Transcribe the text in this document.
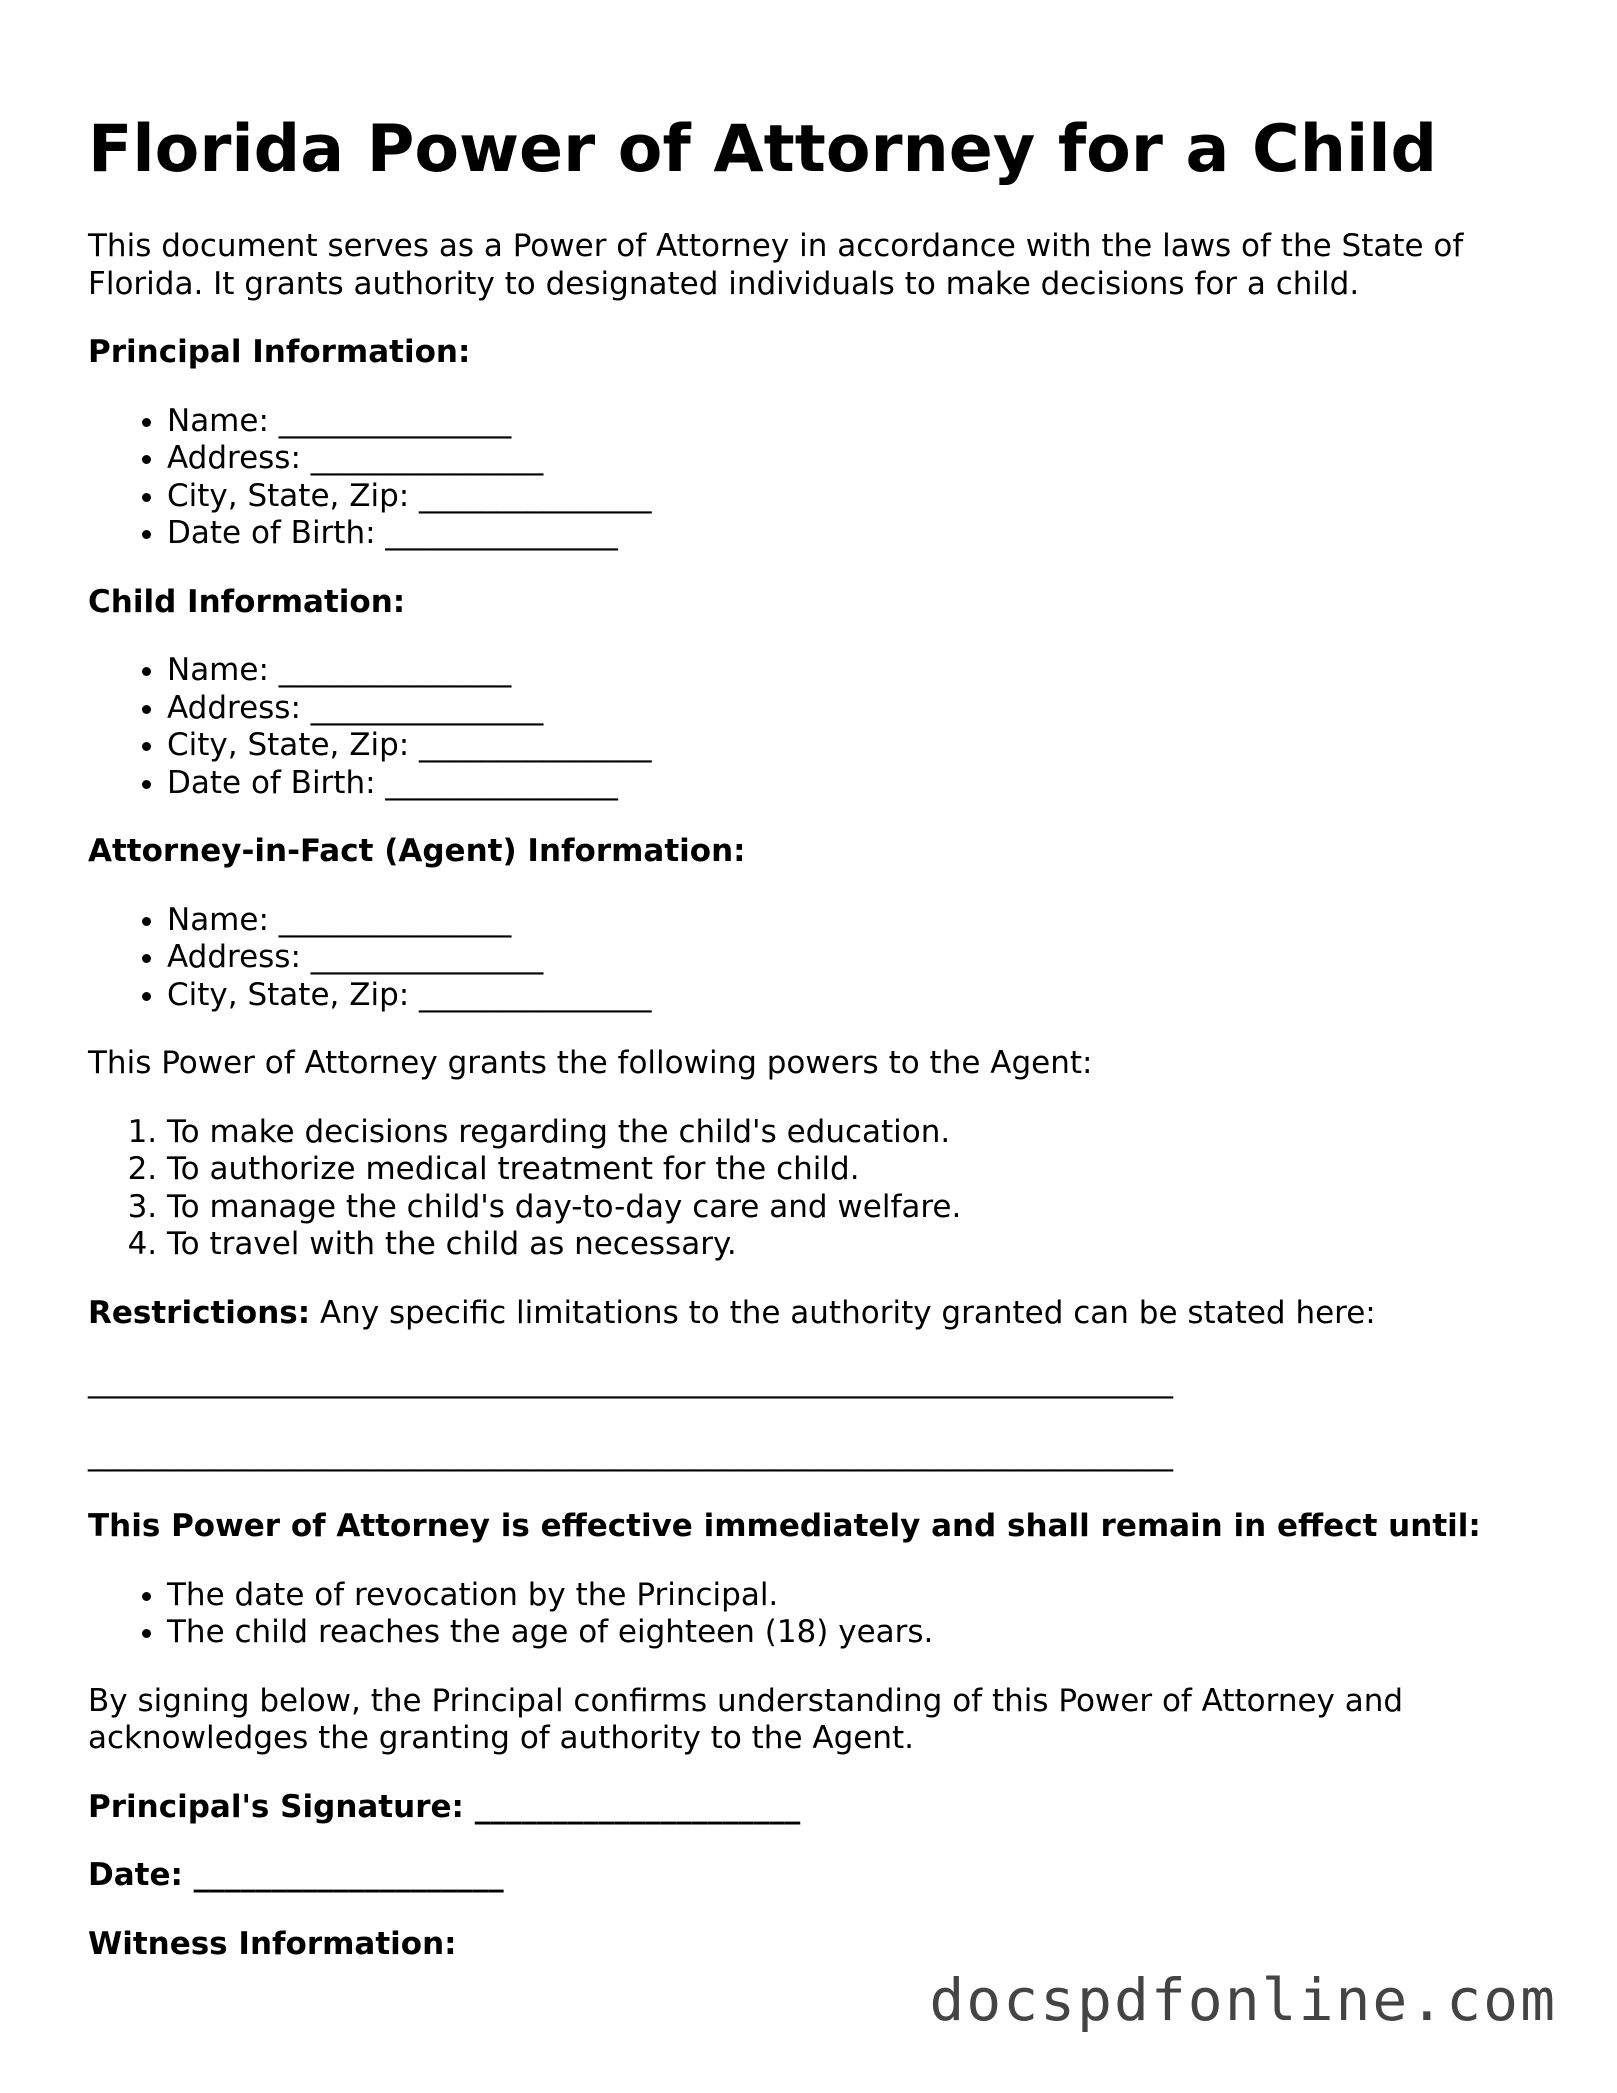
Florida Power of Attorney for a Child

This document serves as a Power of Attorney in accordance with the laws of the State of Florida. It grants authority to designated individuals to make decisions for a child.

Principal Information:
• Name: _______________
• Address: _______________
• City, State, Zip: _______________
• Date of Birth: _______________
Child Information:
• Name: _______________
• Address: _______________
• City, State, Zip: _______________
• Date of Birth: _______________
Attorney-in-Fact (Agent) Information:
• Name: _______________
• Address: _______________
• City, State, Zip: _______________

This Power of Attorney grants the following powers to the Agent:

1. To make decisions regarding the child's education.
2. To authorize medical treatment for the child.
3. To manage the child's day-to-day care and welfare.
4. To travel with the child as necessary.

Restrictions: Any specific limitations to the authority granted can be stated here:

______________________________________________________________________
______________________________________________________________________
This Power of Attorney is effective immediately and shall remain in effect until:
• The date of revocation by the Principal.
• The child reaches the age of eighteen (18) years.

By signing below, the Principal confirms understanding of this Power of Attorney and acknowledges the granting of authority to the Agent.

Principal's Signature: _____________________
Date: ____________________
Witness Information:
docspdfonline.com
